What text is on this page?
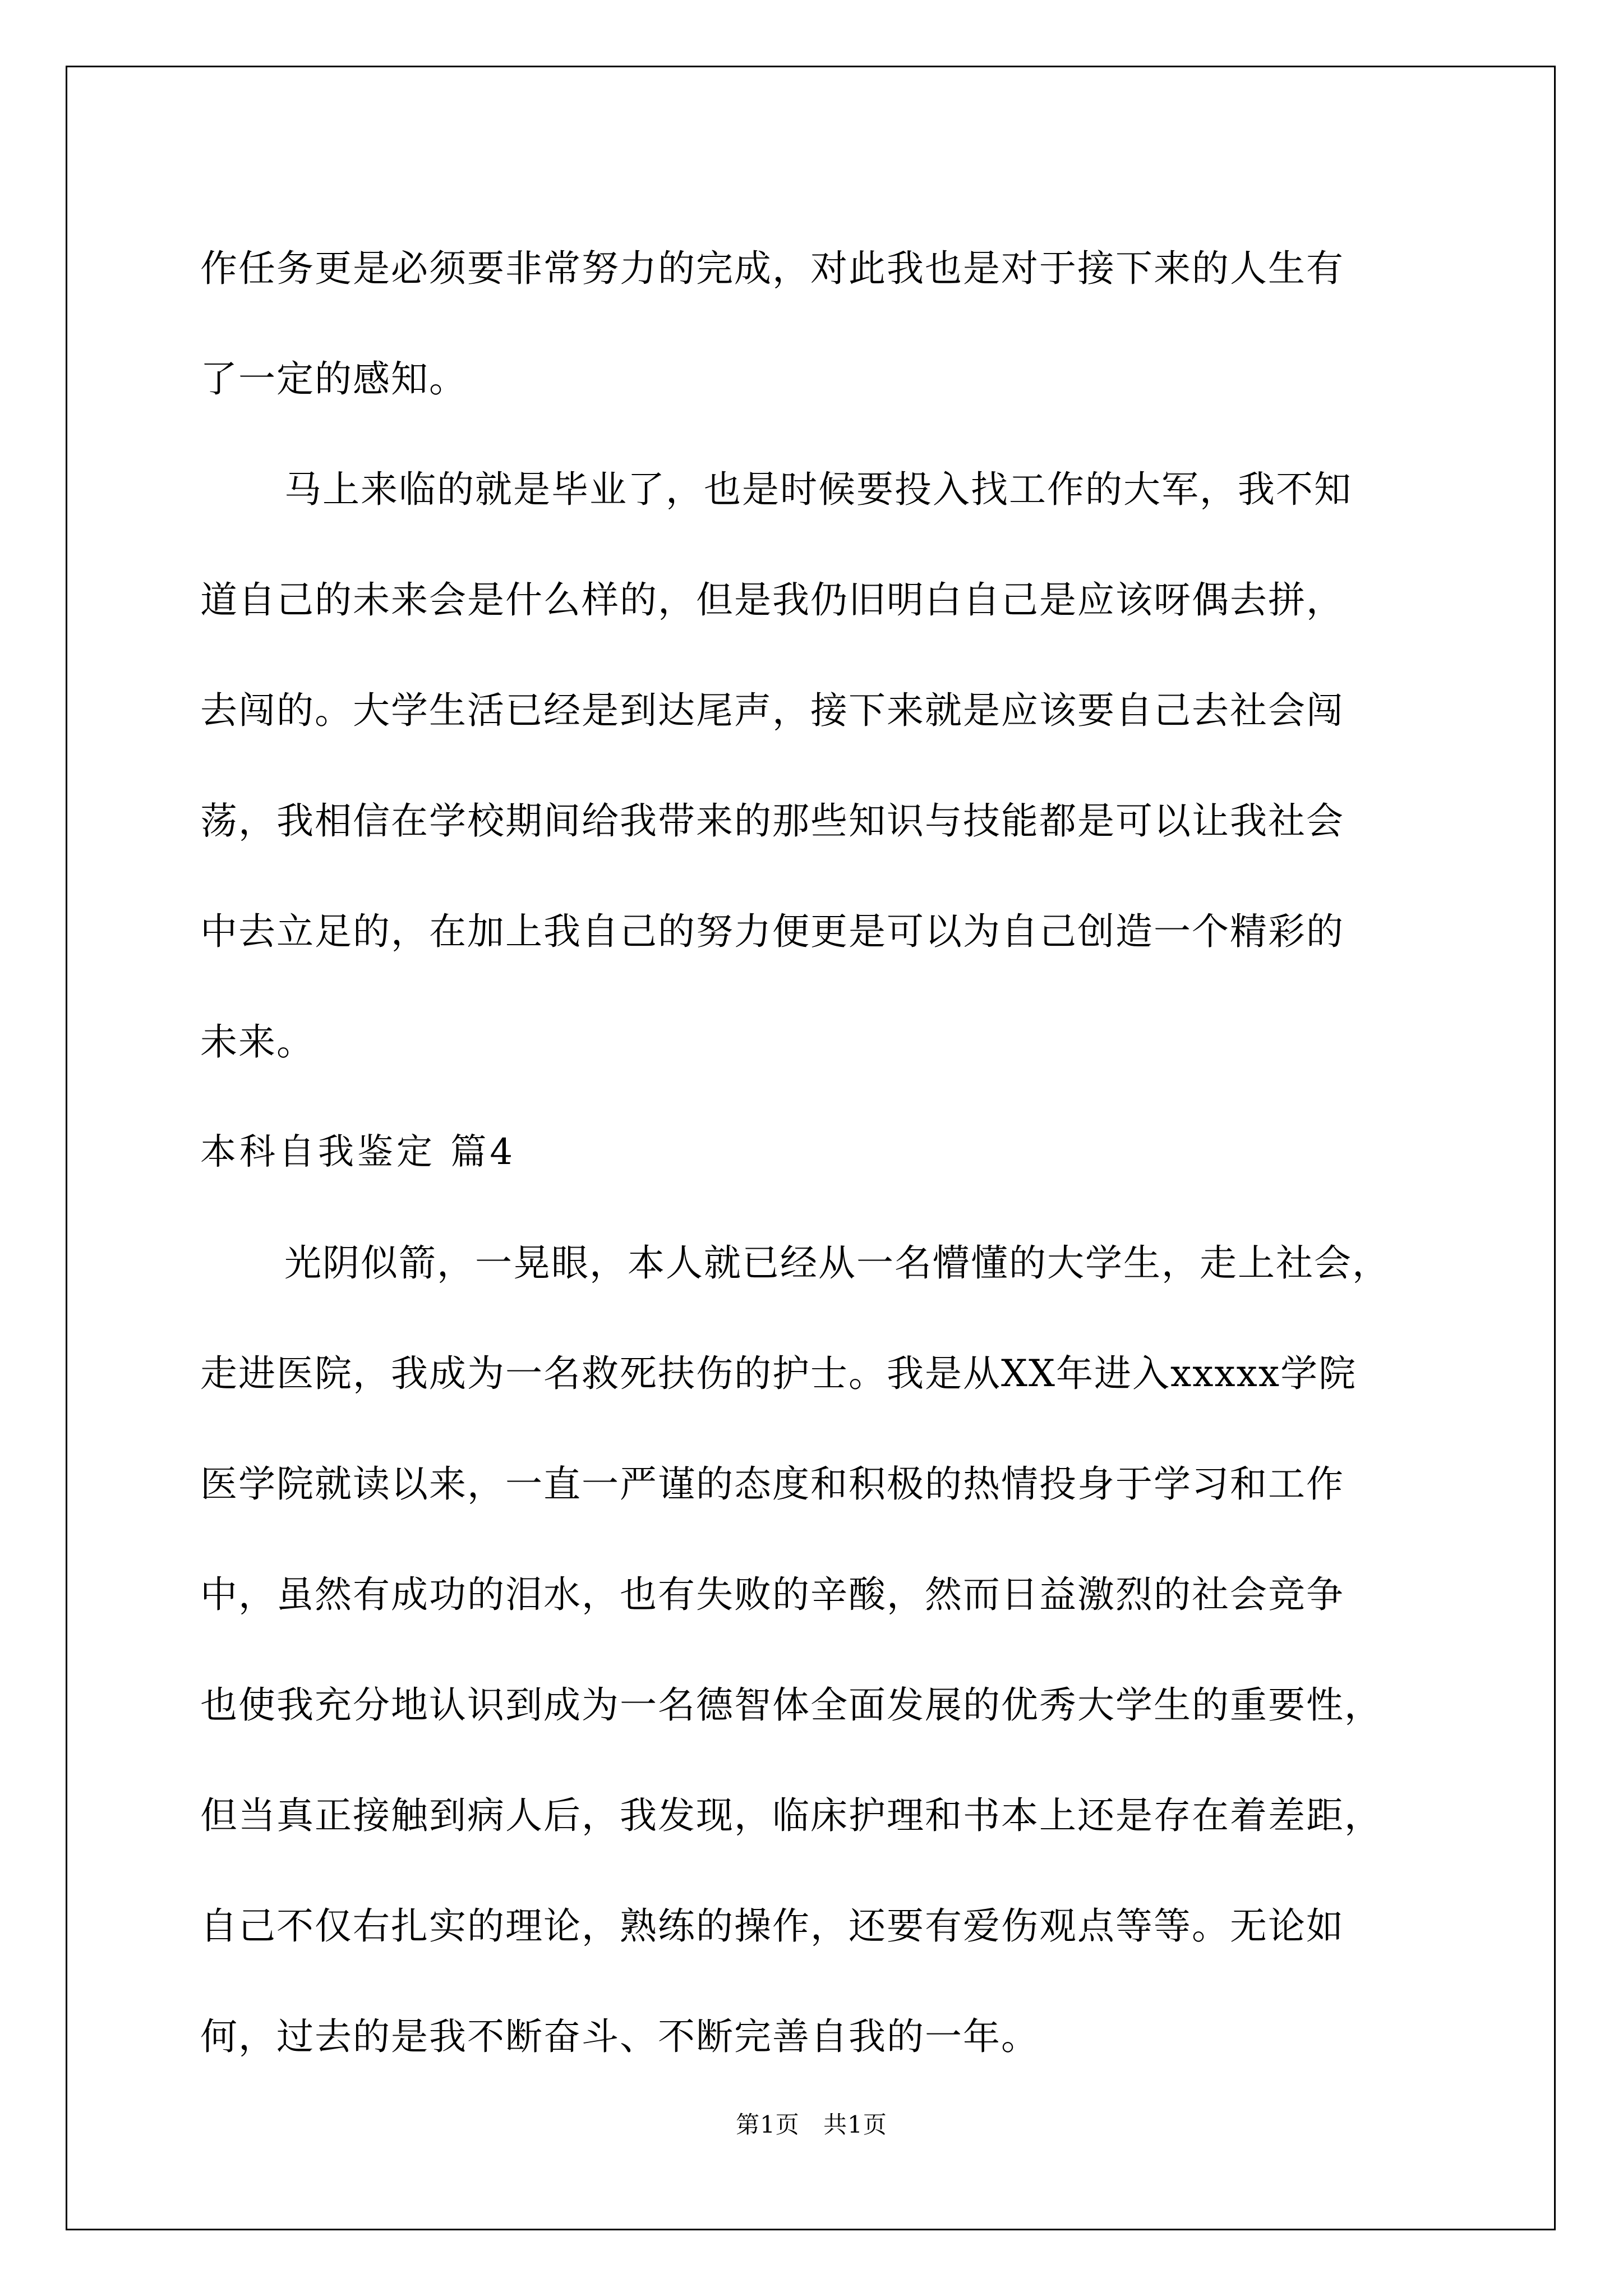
作任务更是必须要非常努力的完成，对此我也是对于接下来的人生有
了一定的感知。
马上来临的就是毕业了，也是时候要投入找工作的大军，我不知
道自己的未来会是什么样的，但是我仍旧明白自己是应该呀偶去拼，
去闯的。大学生活已经是到达尾声，接下来就是应该要自己去社会闯
荡，我相信在学校期间给我带来的那些知识与技能都是可以让我社会
中去立足的，在加上我自己的努力便更是可以为自己创造一个精彩的
未来。
本科自我鉴定 篇4
光阴似箭，一晃眼，本人就已经从一名懵懂的大学生，走上社会，
走进医院，我成为一名救死扶伤的护士。我是从XX年进入xxxxx学院
医学院就读以来，一直一严谨的态度和积极的热情投身于学习和工作
中，虽然有成功的泪水，也有失败的辛酸，然而日益激烈的社会竞争
也使我充分地认识到成为一名德智体全面发展的优秀大学生的重要性，
但当真正接触到病人后，我发现，临床护理和书本上还是存在着差距，
自己不仅右扎实的理论，熟练的操作，还要有爱伤观点等等。无论如
何，过去的是我不断奋斗、不断完善自我的一年。
第1页 共1页
